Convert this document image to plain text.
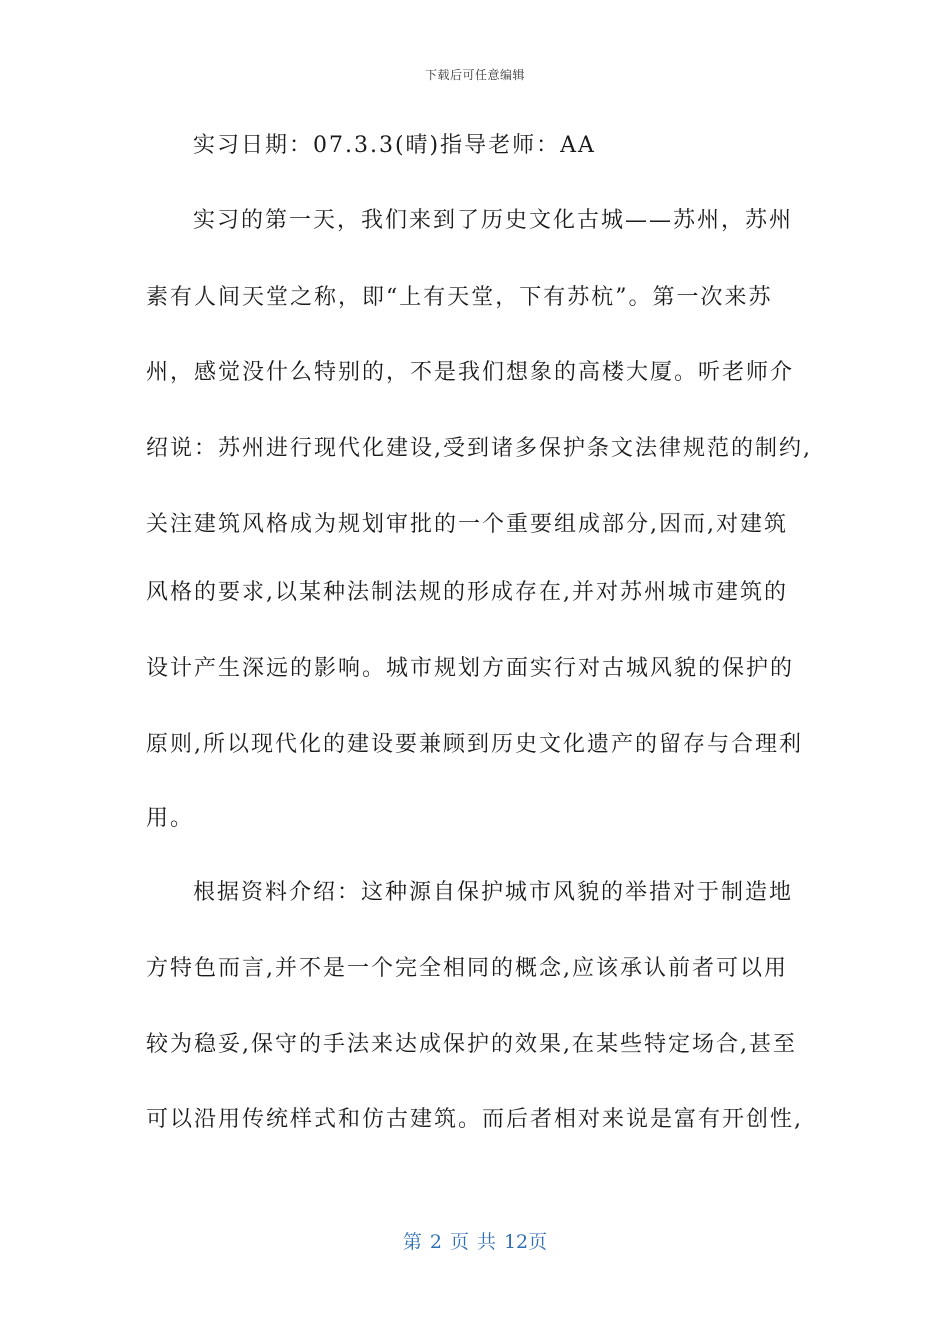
下载后可任意编辑
实习日期：07.3.3(晴)指导老师：AA
实习的第一天，我们来到了历史文化古城——苏州，苏州
素有人间天堂之称，即“上有天堂，下有苏杭”。第一次来苏
州，感觉没什么特别的，不是我们想象的高楼大厦。听老师介
绍说：苏州进行现代化建设,受到诸多保护条文法律规范的制约,
关注建筑风格成为规划审批的一个重要组成部分,因而,对建筑
风格的要求,以某种法制法规的形成存在,并对苏州城市建筑的
设计产生深远的影响。城市规划方面实行对古城风貌的保护的
原则,所以现代化的建设要兼顾到历史文化遗产的留存与合理利
用。
根据资料介绍：这种源自保护城市风貌的举措对于制造地
方特色而言,并不是一个完全相同的概念,应该承认前者可以用
较为稳妥,保守的手法来达成保护的效果,在某些特定场合,甚至
可以沿用传统样式和仿古建筑。而后者相对来说是富有开创性,
第 2 页 共 12页
